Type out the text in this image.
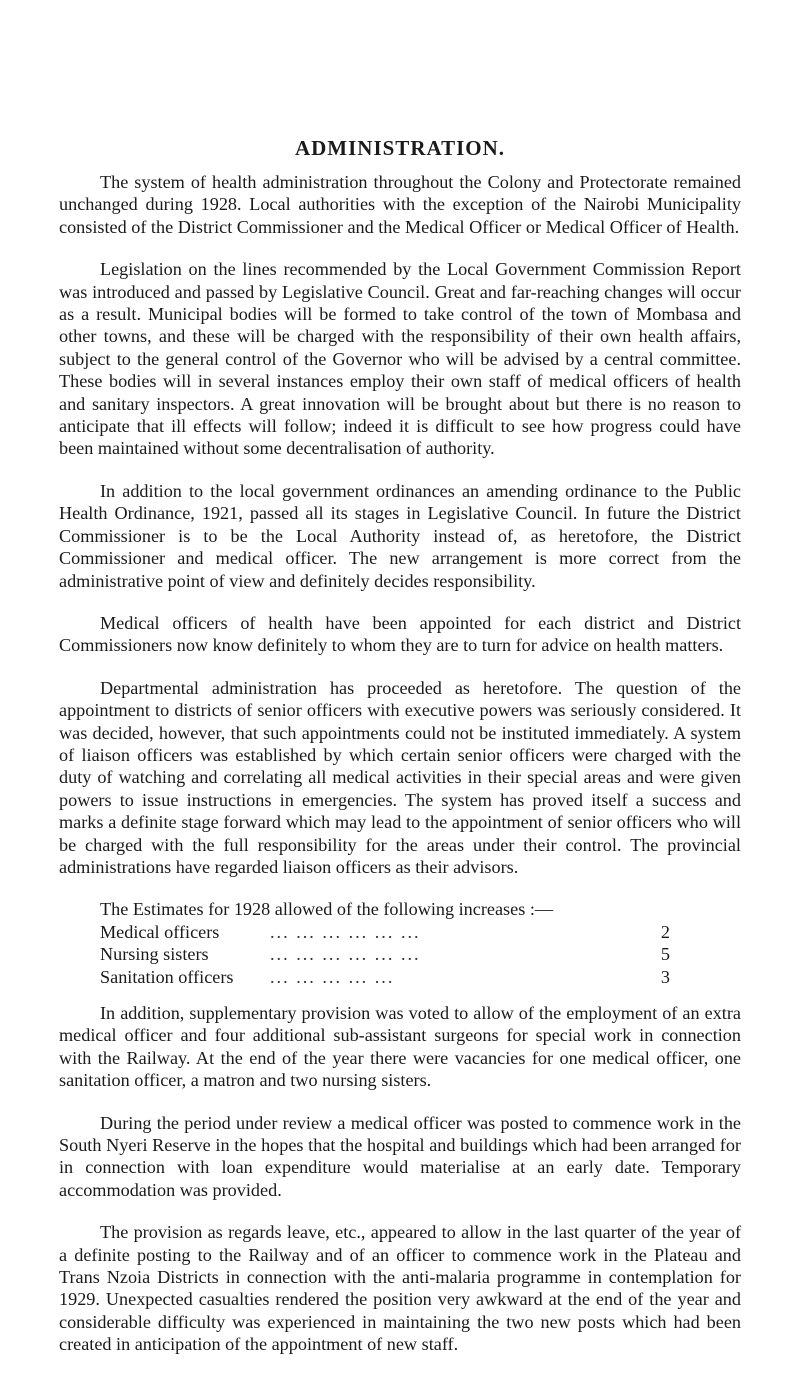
ADMINISTRATION.

The system of health administration throughout the Colony and Protectorate remained unchanged during 1928. Local authorities with the exception of the Nairobi Municipality consisted of the District Commissioner and the Medical Officer or Medical Officer of Health.

Legislation on the lines recommended by the Local Government Commission Report was introduced and passed by Legislative Council. Great and far-reaching changes will occur as a result. Municipal bodies will be formed to take control of the town of Mombasa and other towns, and these will be charged with the responsibility of their own health affairs, subject to the general control of the Governor who will be advised by a central committee. These bodies will in several instances employ their own staff of medical officers of health and sanitary inspectors. A great innovation will be brought about but there is no reason to anticipate that ill effects will follow; indeed it is difficult to see how progress could have been maintained without some decentralisation of authority.

In addition to the local government ordinances an amending ordinance to the Public Health Ordinance, 1921, passed all its stages in Legislative Council. In future the District Commissioner is to be the Local Authority instead of, as heretofore, the District Commissioner and medical officer. The new arrangement is more correct from the administrative point of view and definitely decides responsibility.

Medical officers of health have been appointed for each district and District Commissioners now know definitely to whom they are to turn for advice on health matters.

Departmental administration has proceeded as heretofore. The question of the appointment to districts of senior officers with executive powers was seriously considered. It was decided, however, that such appointments could not be instituted immediately. A system of liaison officers was established by which certain senior officers were charged with the duty of watching and correlating all medical activities in their special areas and were given powers to issue instructions in emergencies. The system has proved itself a success and marks a definite stage forward which may lead to the appointment of senior officers who will be charged with the full responsibility for the areas under their control. The provincial administrations have regarded liaison officers as their advisors.

The Estimates for 1928 allowed of the following increases :—
Medical officers	... ... ... ... ... ...	2
Nursing sisters	... ... ... ... ... ...	5
Sanitation officers	... ... ... ... ...	3

In addition, supplementary provision was voted to allow of the employment of an extra medical officer and four additional sub-assistant surgeons for special work in connection with the Railway. At the end of the year there were vacancies for one medical officer, one sanitation officer, a matron and two nursing sisters.

During the period under review a medical officer was posted to commence work in the South Nyeri Reserve in the hopes that the hospital and buildings which had been arranged for in connection with loan expenditure would materialise at an early date. Temporary accommodation was provided.

The provision as regards leave, etc., appeared to allow in the last quarter of the year of a definite posting to the Railway and of an officer to commence work in the Plateau and Trans Nzoia Districts in connection with the anti-malaria programme in contemplation for 1929. Unexpected casualties rendered the position very awkward at the end of the year and considerable difficulty was experienced in maintaining the two new posts which had been created in anticipation of the appointment of new staff.
